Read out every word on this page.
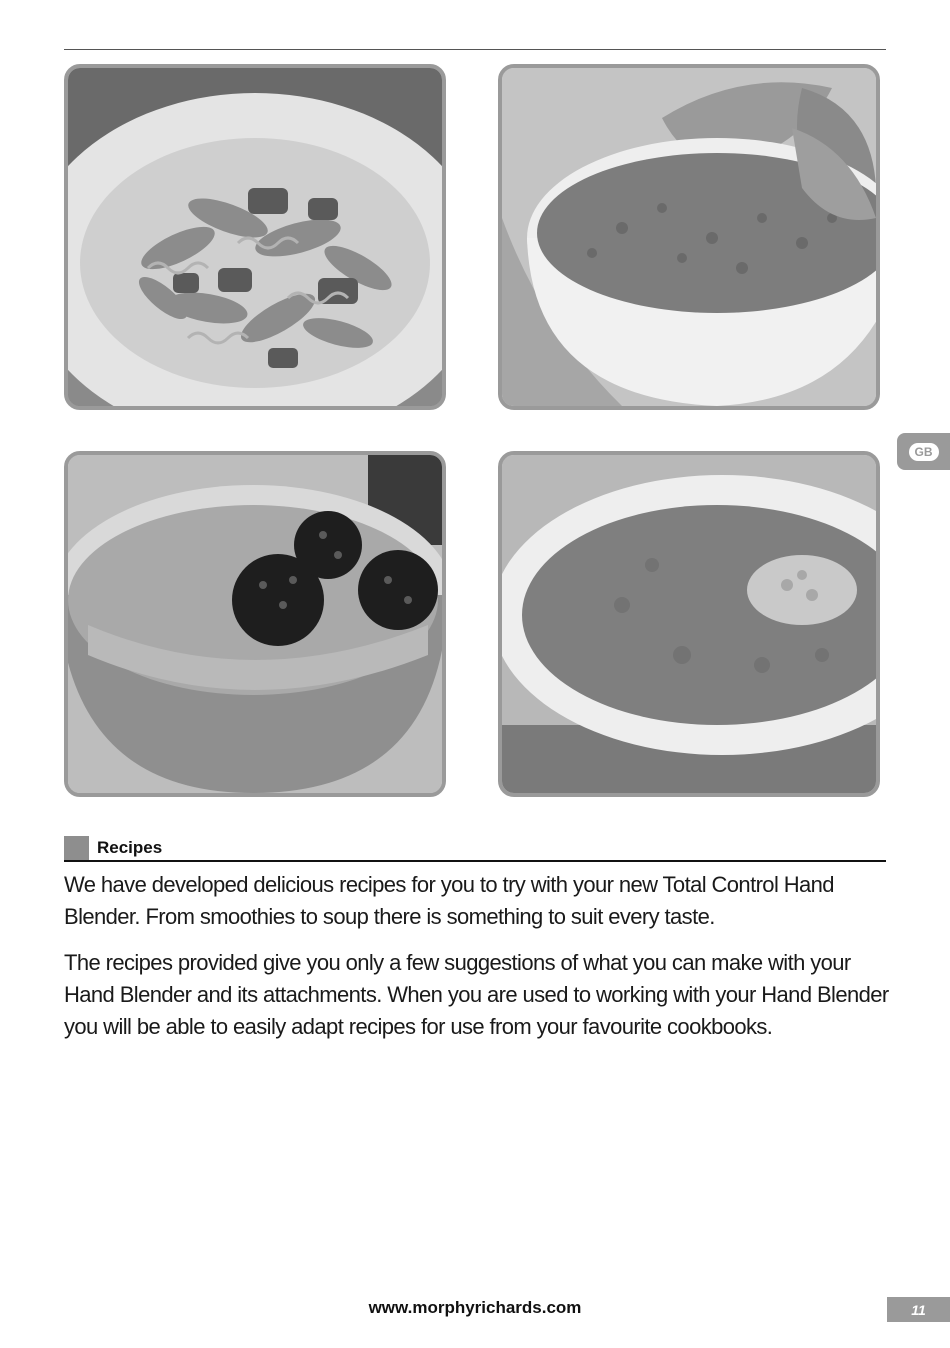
GB
Recipes

We have developed delicious recipes for you to try with your new Total Control Hand Blender. From smoothies to soup there is something to suit every taste.

The recipes provided give you only a few suggestions of what you can make with your Hand Blender and its attachments. When you are used to working with your Hand Blender you will be able to easily adapt recipes for use from your favourite cookbooks.

www.morphyrichards.com	11
